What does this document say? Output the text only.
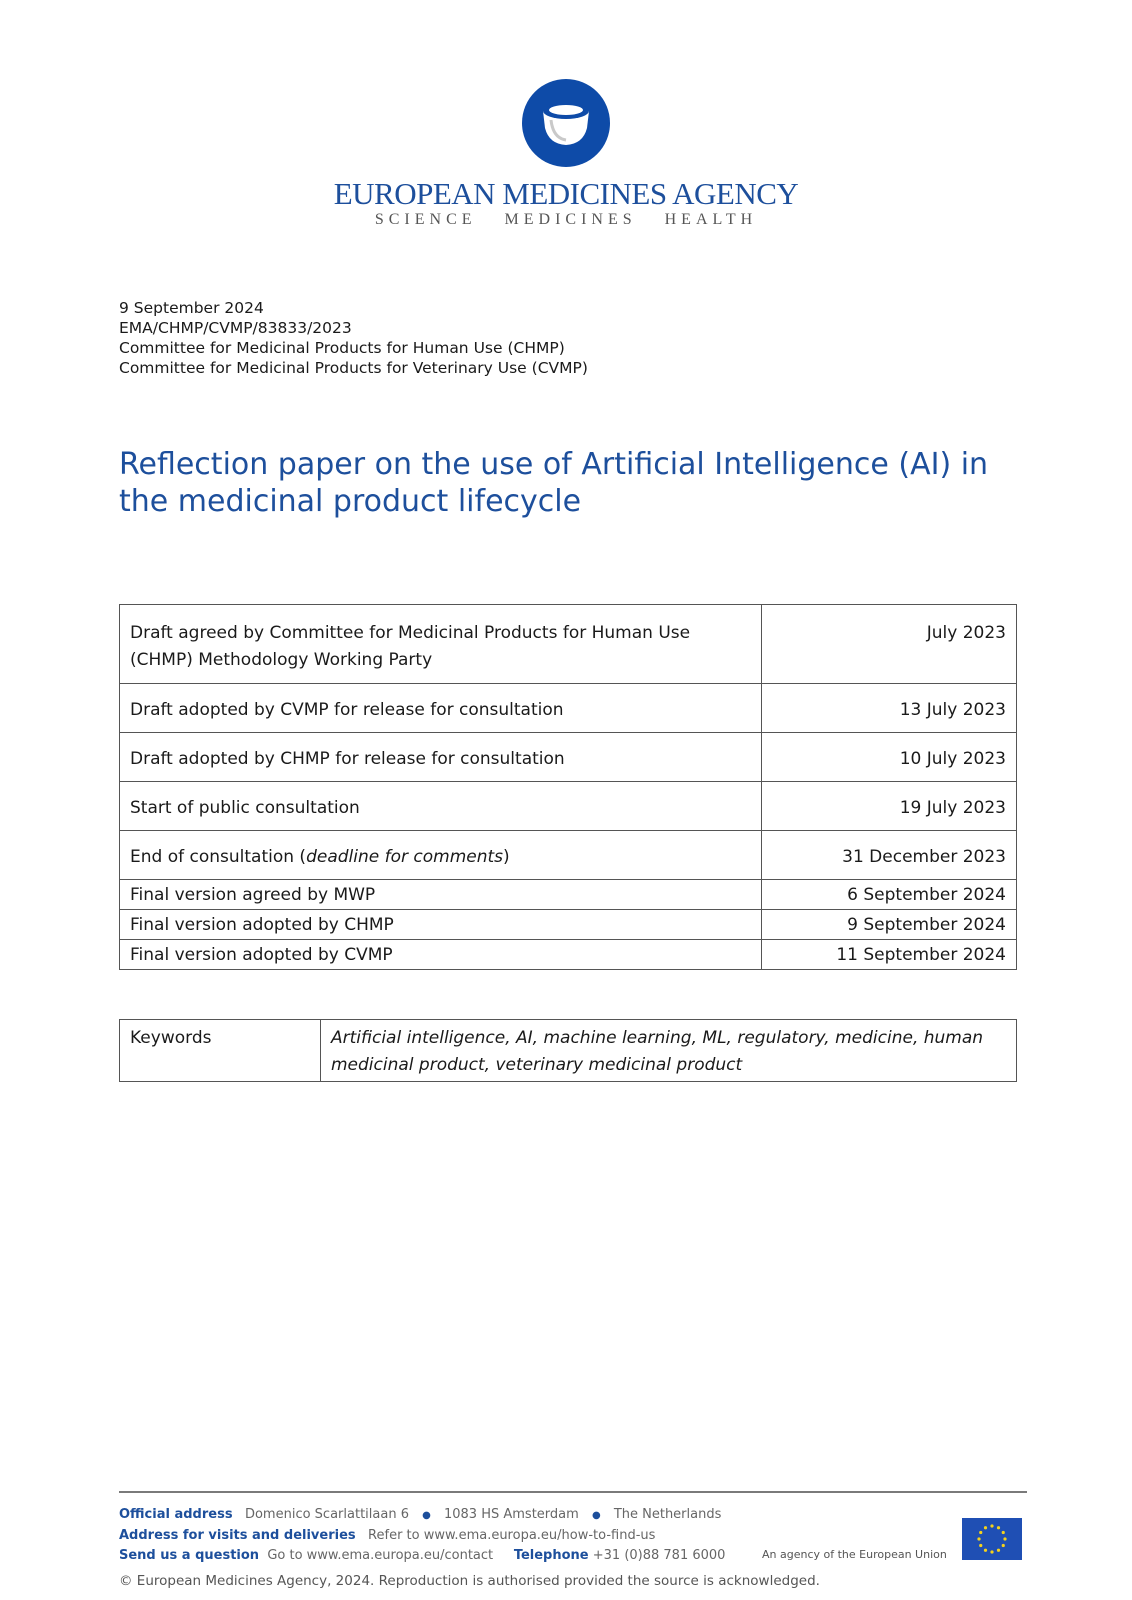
EUROPEAN MEDICINES AGENCY
SCIENCE MEDICINES HEALTH
9 September 2024
EMA/CHMP/CVMP/83833/2023
Committee for Medicinal Products for Human Use (CHMP)
Committee for Medicinal Products for Veterinary Use (CVMP)
Reflection paper on the use of Artificial Intelligence (AI) in the medicinal product lifecycle
Draft agreed by Committee for Medicinal Products for Human Use (CHMP) Methodology Working Party	July 2023
Draft adopted by CVMP for release for consultation	13 July 2023
Draft adopted by CHMP for release for consultation	10 July 2023
Start of public consultation	19 July 2023
End of consultation (deadline for comments)	31 December 2023
Final version agreed by MWP	6 September 2024
Final version adopted by CHMP	9 September 2024
Final version adopted by CVMP	11 September 2024
Keywords	Artificial intelligence, AI, machine learning, ML, regulatory, medicine, human medicinal product, veterinary medicinal product
Official address Domenico Scarlattilaan 6 ● 1083 HS Amsterdam ● The Netherlands
Address for visits and deliveries Refer to www.ema.europa.eu/how-to-find-us
Send us a question Go to www.ema.europa.eu/contact Telephone +31 (0)88 781 6000	An agency of the European Union
© European Medicines Agency, 2024. Reproduction is authorised provided the source is acknowledged.
